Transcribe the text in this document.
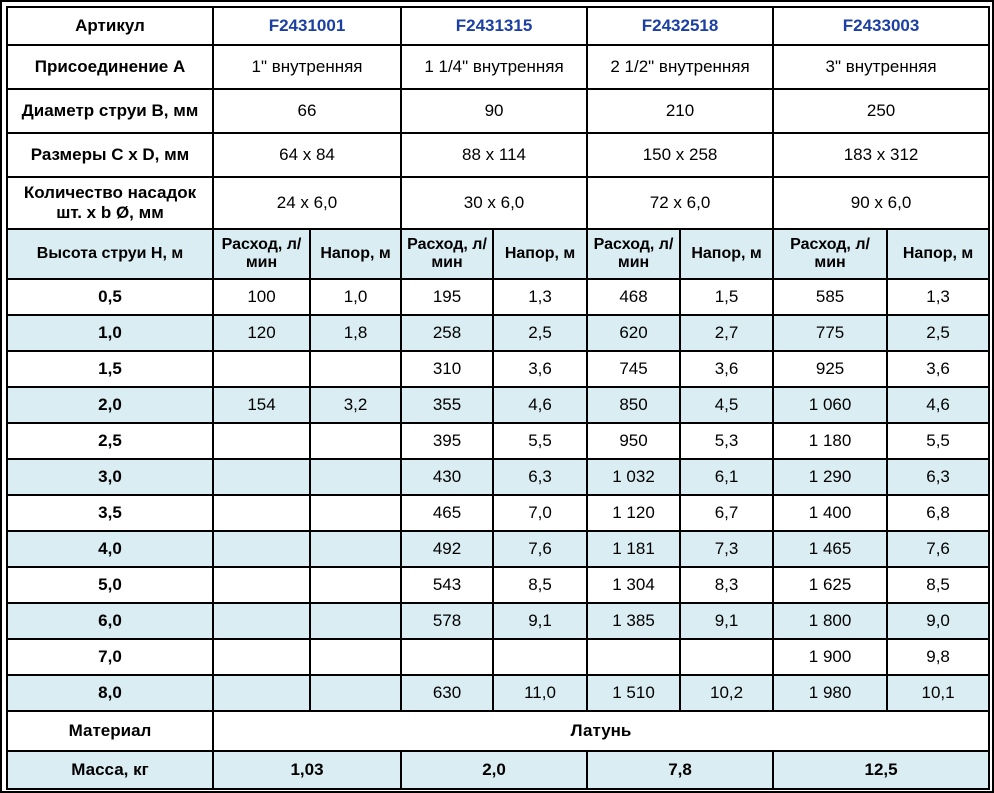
Артикул	F2431001		F2431315		F2432518		F2433003	
Присоединение А	1" внутренняя		1 1/4" внутренняя		2 1/2" внутренняя		3" внутренняя	
Диаметр струи В, мм	66		90		210		250	
Размеры С x D, мм	64 x 84		88 x 114		150 x 258		183 x 312	
Количество насадок шт. x b Ø, мм	24 x 6,0		30 x 6,0		72 x 6,0		90 x 6,0	
Высота струи Н, м	Расход, л/мин	Напор, м	Расход, л/мин	Напор, м	Расход, л/мин	Напор, м	Расход, л/мин	Напор, м
0,5	100	1,0	195	1,3	468	1,5	585	1,3
1,0	120	1,8	258	2,5	620	2,7	775	2,5
1,5			310	3,6	745	3,6	925	3,6
2,0	154	3,2	355	4,6	850	4,5	1 060	4,6
2,5			395	5,5	950	5,3	1 180	5,5
3,0			430	6,3	1 032	6,1	1 290	6,3
3,5			465	7,0	1 120	6,7	1 400	6,8
4,0			492	7,6	1 181	7,3	1 465	7,6
5,0			543	8,5	1 304	8,3	1 625	8,5
6,0			578	9,1	1 385	9,1	1 800	9,0
7,0							1 900	9,8
8,0			630	11,0	1 510	10,2	1 980	10,1
Материал	Латунь							
Масса, кг	1,03		2,0		7,8		12,5	
